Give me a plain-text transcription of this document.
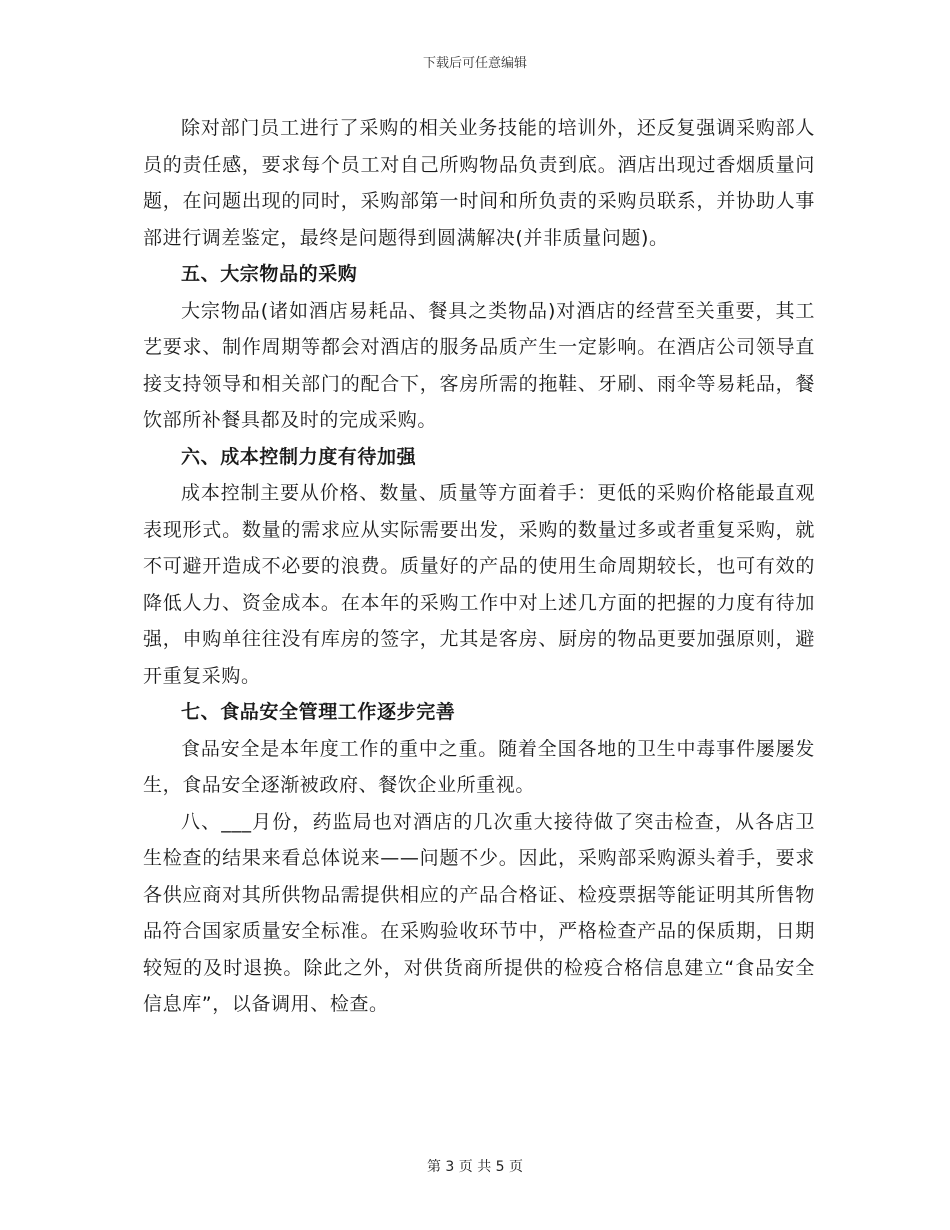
下载后可任意编辑

除对部门员工进行了采购的相关业务技能的培训外，还反复强调采购部人员的责任感，要求每个员工对自己所购物品负责到底。酒店出现过香烟质量问题，在问题出现的同时，采购部第一时间和所负责的采购员联系，并协助人事部进行调差鉴定，最终是问题得到圆满解决(并非质量问题)。

五、大宗物品的采购

大宗物品(诸如酒店易耗品、餐具之类物品)对酒店的经营至关重要，其工艺要求、制作周期等都会对酒店的服务品质产生一定影响。在酒店公司领导直接支持领导和相关部门的配合下，客房所需的拖鞋、牙刷、雨伞等易耗品，餐饮部所补餐具都及时的完成采购。

六、成本控制力度有待加强

成本控制主要从价格、数量、质量等方面着手：更低的采购价格能最直观表现形式。数量的需求应从实际需要出发，采购的数量过多或者重复采购，就不可避开造成不必要的浪费。质量好的产品的使用生命周期较长，也可有效的降低人力、资金成本。在本年的采购工作中对上述几方面的把握的力度有待加强，申购单往往没有库房的签字，尤其是客房、厨房的物品更要加强原则，避开重复采购。

七、食品安全管理工作逐步完善

食品安全是本年度工作的重中之重。随着全国各地的卫生中毒事件屡屡发生，食品安全逐渐被政府、餐饮企业所重视。

八、___月份，药监局也对酒店的几次重大接待做了突击检查，从各店卫生检查的结果来看总体说来——问题不少。因此，采购部采购源头着手，要求各供应商对其所供物品需提供相应的产品合格证、检疫票据等能证明其所售物品符合国家质量安全标准。在采购验收环节中，严格检查产品的保质期，日期较短的及时退换。除此之外，对供货商所提供的检疫合格信息建立“食品安全信息库”，以备调用、检查。

第 3 页 共 5 页
